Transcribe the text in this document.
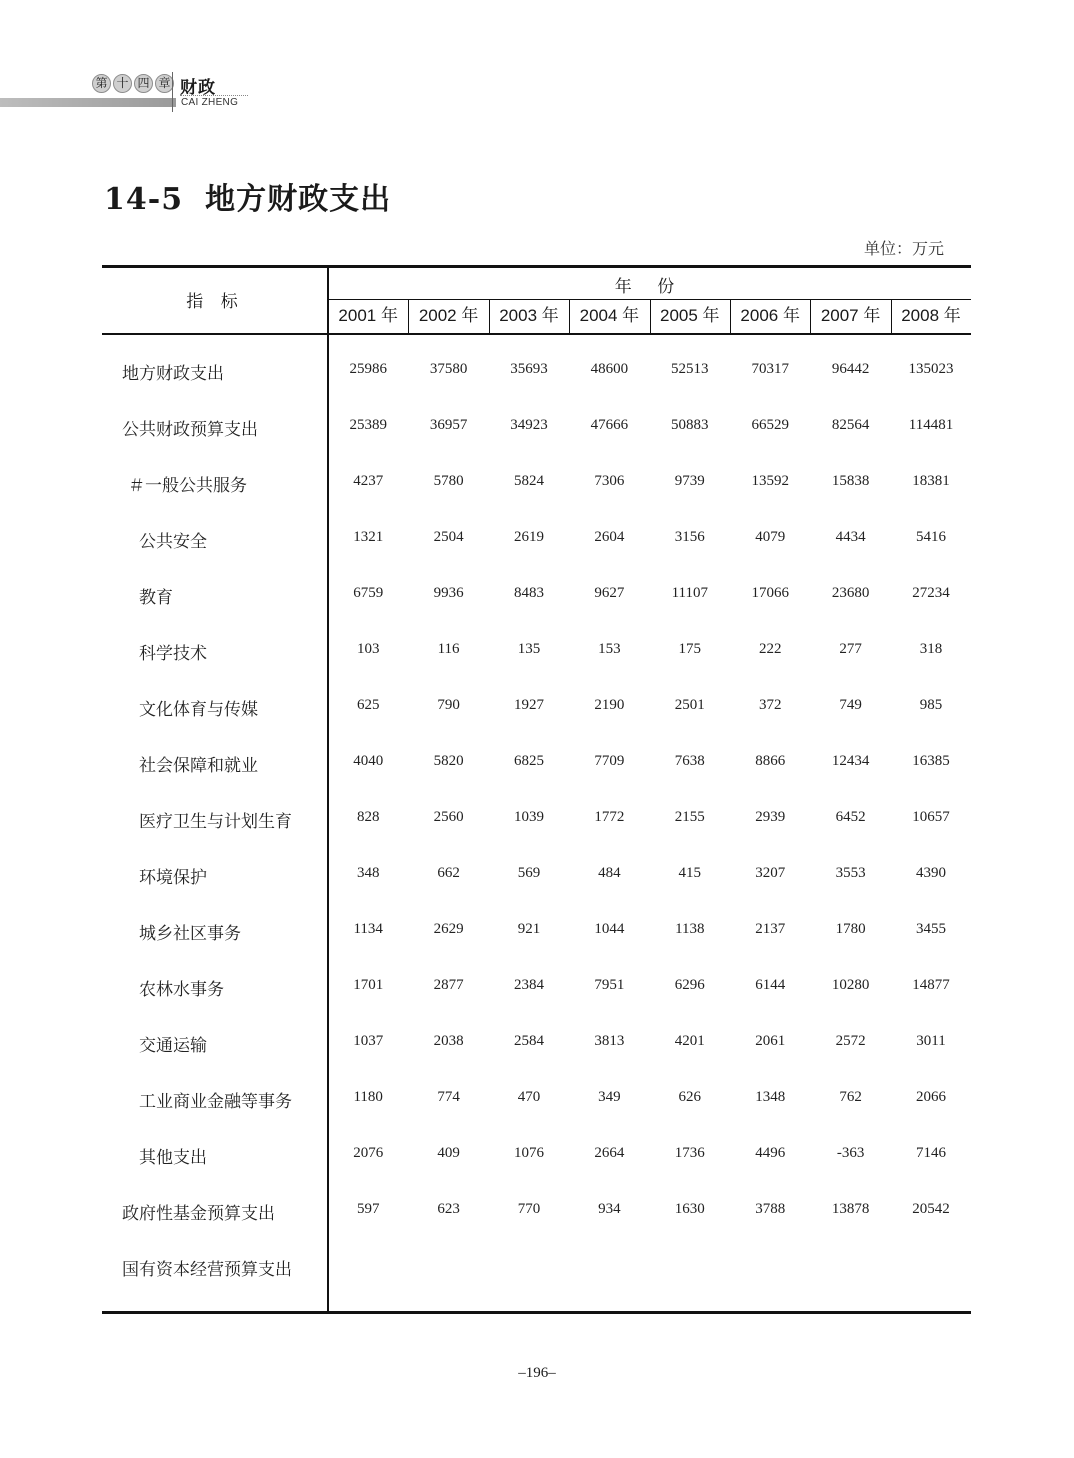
第 十 四 章 财政
CAI ZHENG
14-5 地方财政支出
单位：万元
指 标
年 份
2001 年	2002 年	2003 年	2004 年	2005 年	2006 年	2007 年	2008 年
地方财政支出	25986	37580	35693	48600	52513	70317	96442	135023
公共财政预算支出	25389	36957	34923	47666	50883	66529	82564	114481
＃一般公共服务	4237	5780	5824	7306	9739	13592	15838	18381
公共安全	1321	2504	2619	2604	3156	4079	4434	5416
教育	6759	9936	8483	9627	11107	17066	23680	27234
科学技术	103	116	135	153	175	222	277	318
文化体育与传媒	625	790	1927	2190	2501	372	749	985
社会保障和就业	4040	5820	6825	7709	7638	8866	12434	16385
医疗卫生与计划生育	828	2560	1039	1772	2155	2939	6452	10657
环境保护	348	662	569	484	415	3207	3553	4390
城乡社区事务	1134	2629	921	1044	1138	2137	1780	3455
农林水事务	1701	2877	2384	7951	6296	6144	10280	14877
交通运输	1037	2038	2584	3813	4201	2061	2572	3011
工业商业金融等事务	1180	774	470	349	626	1348	762	2066
其他支出	2076	409	1076	2664	1736	4496	-363	7146
政府性基金预算支出	597	623	770	934	1630	3788	13878	20542
国有资本经营预算支出
–196–
